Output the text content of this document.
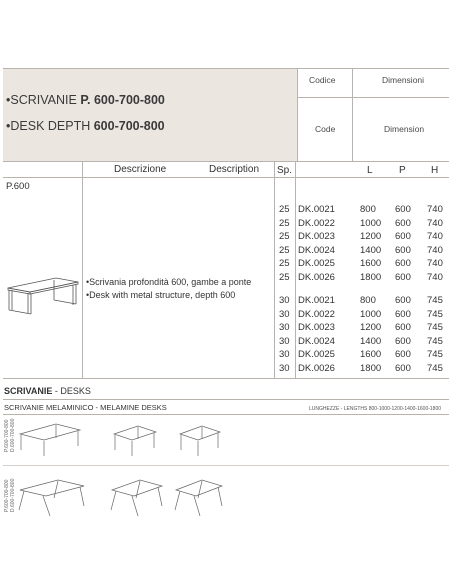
•SCRIVANIE P. 600-700-800
•DESK DEPTH 600-700-800
Codice	Dimensioni
Code	Dimension
Descrizione	Description Sp.	L	P	H
P.600
•Scrivania profondità 600, gambe a ponte
•Desk with metal structure, depth 600
25 DK.0021	800 600 740
25 DK.0022	1000 600 740
25 DK.0023	1200 600 740
25 DK.0024	1400 600 740
25 DK.0025	1600 600 740
25 DK.0026	1800 600 740
30 DK.0021	800 600 745
30 DK.0022	1000 600 745
30 DK.0023	1200 600 745
30 DK.0024	1400 600 745
30 DK.0025	1600 600 745
30 DK.0026	1800 600 745
SCRIVANIE - DESKS
SCRIVANIE MELAMINICO - MELAMINE DESKS	LUNGHEZZE - LENGTHS 800-1000-1200-1400-1600-1800
P.600-700-800 D.600-700-800
P.600-700-800 D.600-700-800
